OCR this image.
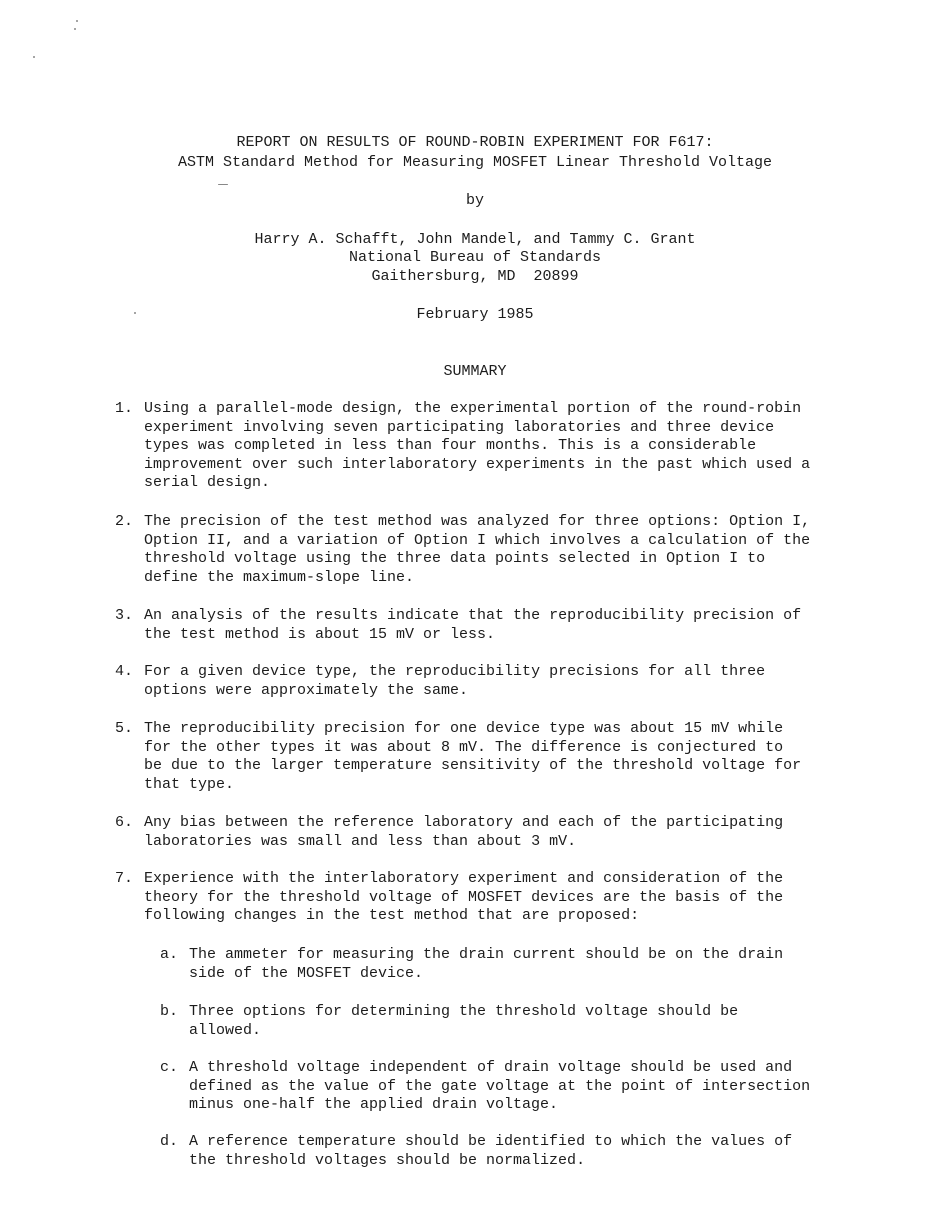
REPORT ON RESULTS OF ROUND-ROBIN EXPERIMENT FOR F617:
ASTM Standard Method for Measuring MOSFET Linear Threshold Voltage
by
Harry A. Schafft, John Mandel, and Tammy C. Grant
National Bureau of Standards
Gaithersburg, MD  20899
February 1985
SUMMARY
1. Using a parallel-mode design, the experimental portion of the round-robin
experiment involving seven participating laboratories and three device
types was completed in less than four months. This is a considerable
improvement over such interlaboratory experiments in the past which used a
serial design.
2. The precision of the test method was analyzed for three options: Option I,
Option II, and a variation of Option I which involves a calculation of the
threshold voltage using the three data points selected in Option I to
define the maximum-slope line.
3. An analysis of the results indicate that the reproducibility precision of
the test method is about 15 mV or less.
4. For a given device type, the reproducibility precisions for all three
options were approximately the same.
5. The reproducibility precision for one device type was about 15 mV while
for the other types it was about 8 mV. The difference is conjectured to
be due to the larger temperature sensitivity of the threshold voltage for
that type.
6. Any bias between the reference laboratory and each of the participating
laboratories was small and less than about 3 mV.
7. Experience with the interlaboratory experiment and consideration of the
theory for the threshold voltage of MOSFET devices are the basis of the
following changes in the test method that are proposed:
a. The ammeter for measuring the drain current should be on the drain
side of the MOSFET device.
b. Three options for determining the threshold voltage should be
allowed.
c. A threshold voltage independent of drain voltage should be used and
defined as the value of the gate voltage at the point of intersection
minus one-half the applied drain voltage.
d. A reference temperature should be identified to which the values of
the threshold voltages should be normalized.
